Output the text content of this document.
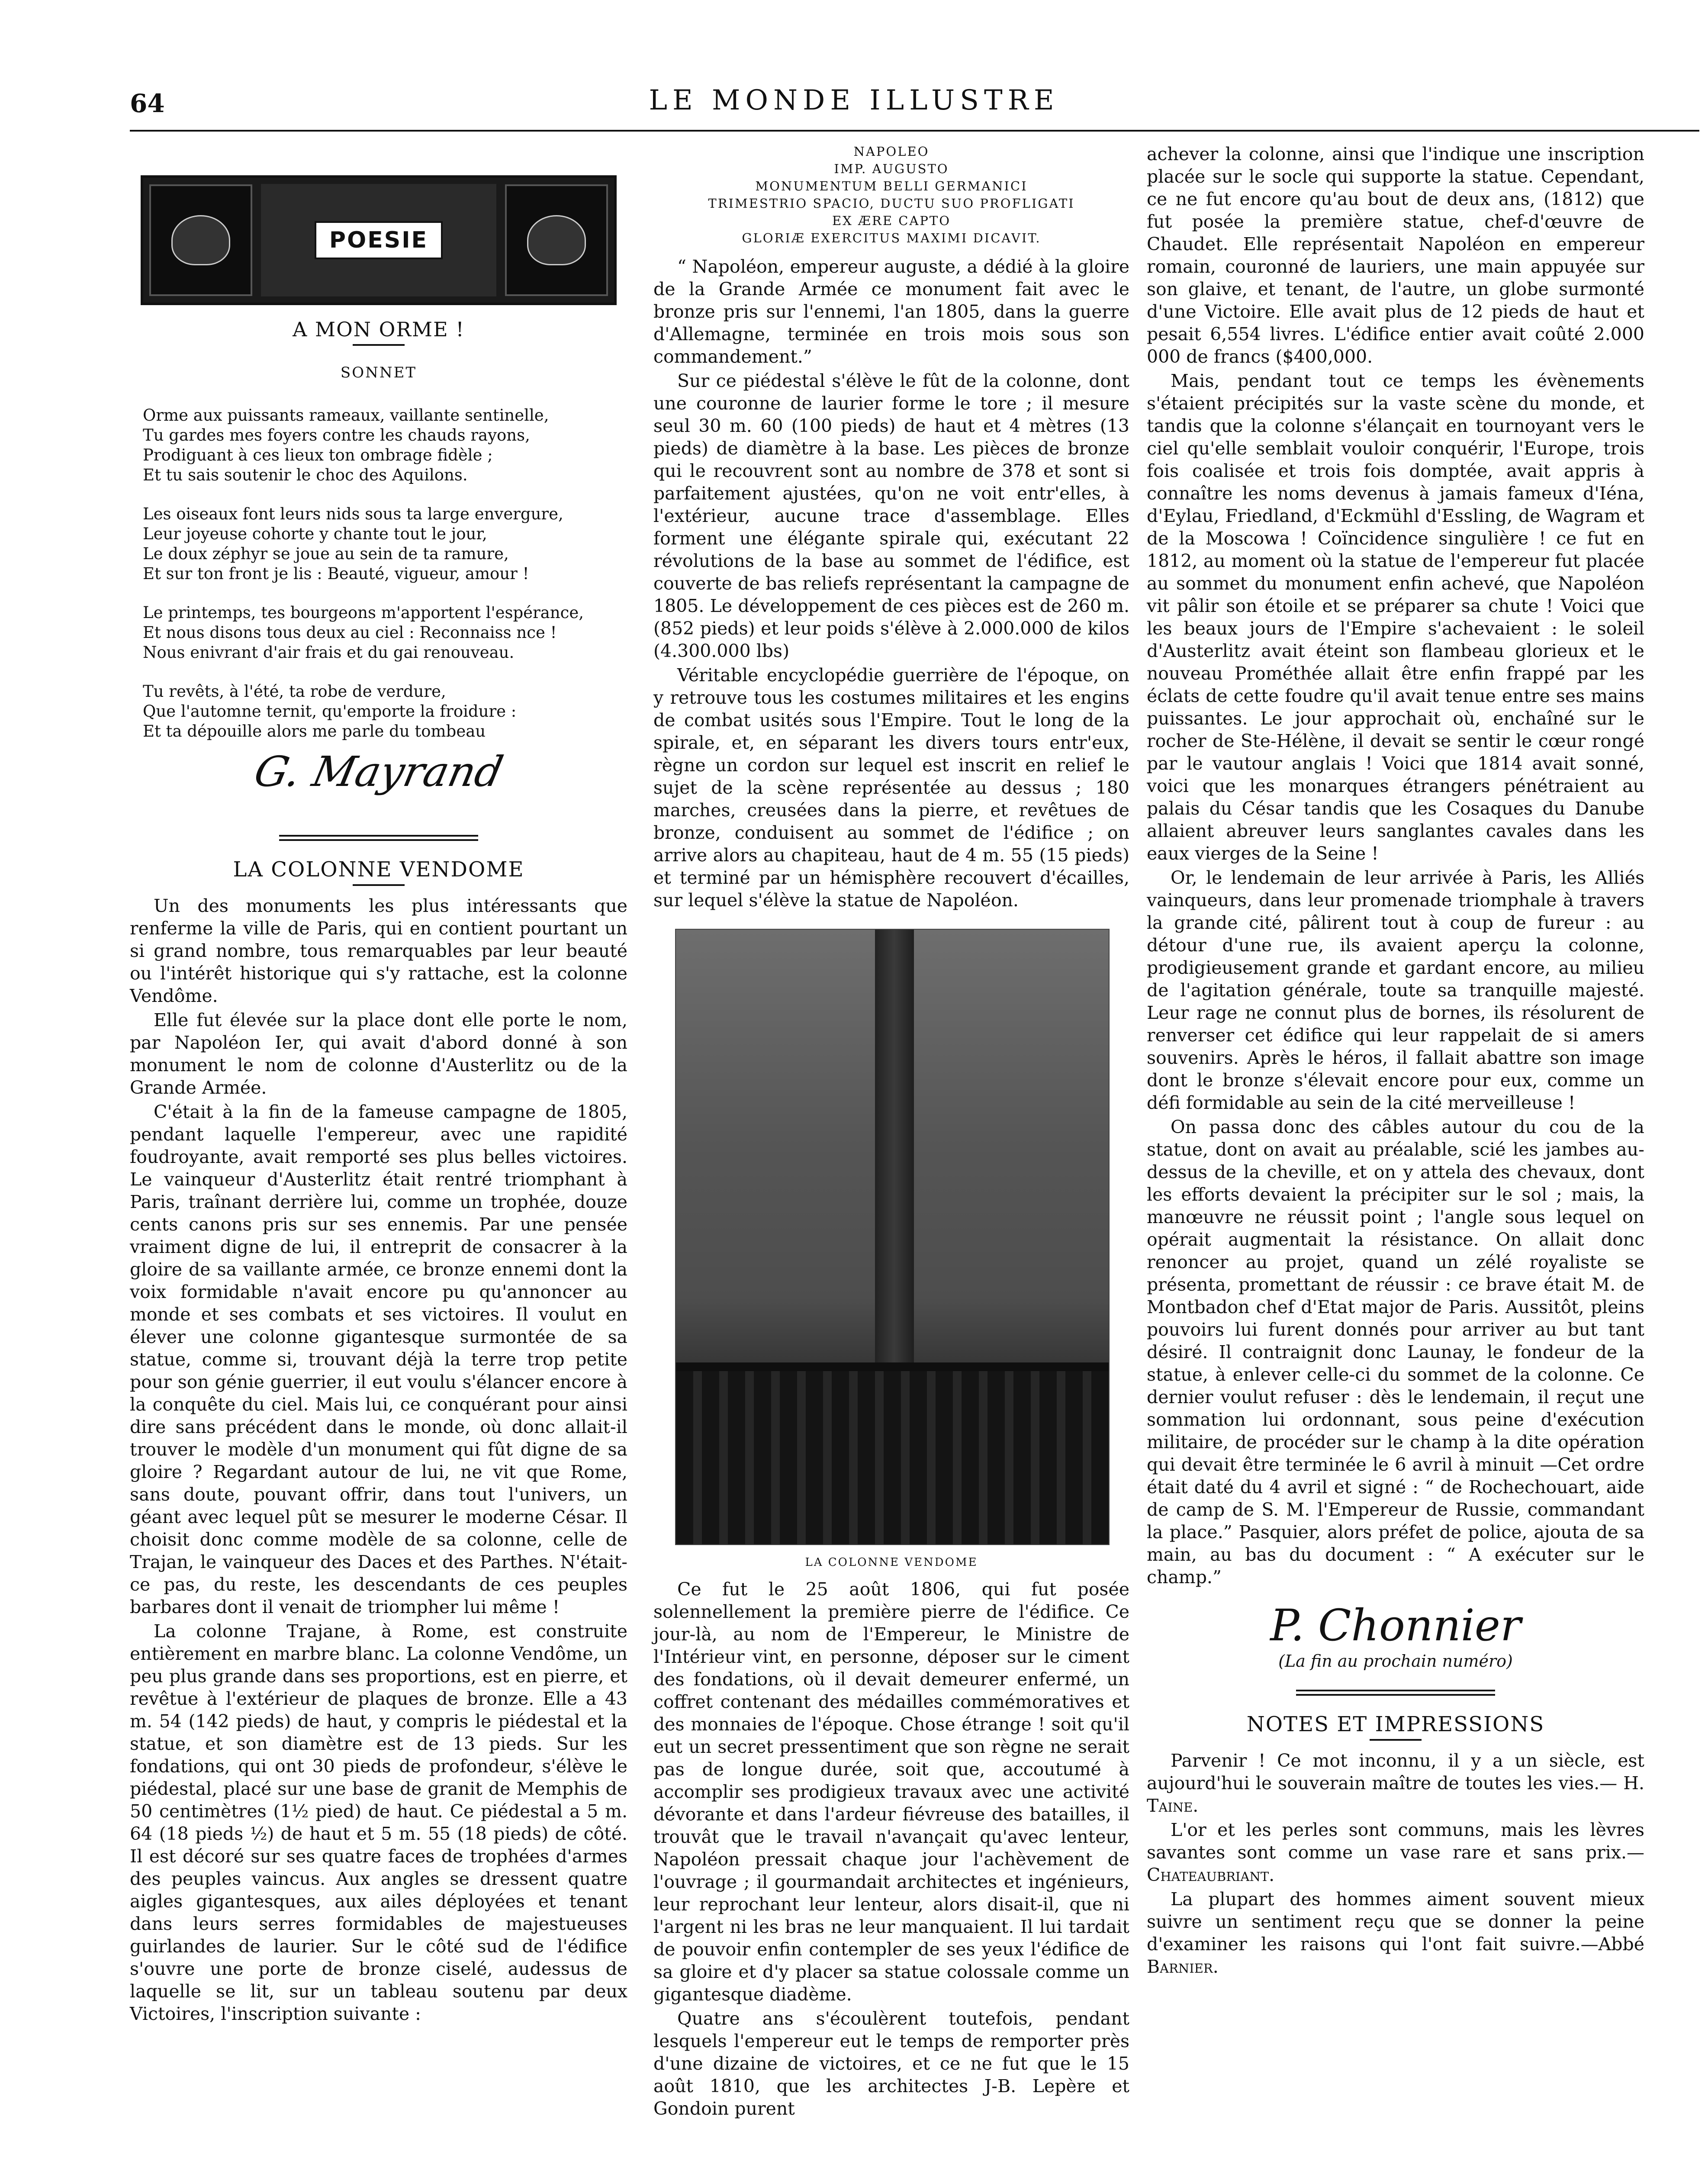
64	LE MONDE ILLUSTRE
POESIE
A MON ORME !
SONNET
Orme aux puissants rameaux, vaillante sentinelle,
Tu gardes mes foyers contre les chauds rayons,
Prodiguant à ces lieux ton ombrage fidèle ;
Et tu sais soutenir le choc des Aquilons.
Les oiseaux font leurs nids sous ta large envergure,
Leur joyeuse cohorte y chante tout le jour,
Le doux zéphyr se joue au sein de ta ramure,
Et sur ton front je lis : Beauté, vigueur, amour !
Le printemps, tes bourgeons m'apportent l'espérance,
Et nous disons tous deux au ciel : Reconnaiss nce !
Nous enivrant d'air frais et du gai renouveau.
Tu revêts, à l'été, ta robe de verdure,
Que l'automne ternit, qu'emporte la froidure :
Et ta dépouille alors me parle du tombeau
G. Mayrand
LA COLONNE VENDOME

Un des monuments les plus intéressants que renferme la ville de Paris, qui en contient pourtant un si grand nombre, tous remarquables par leur beauté ou l'intérêt historique qui s'y rattache, est la colonne Vendôme.

Elle fut élevée sur la place dont elle porte le nom, par Napoléon Ier, qui avait d'abord donné à son monument le nom de colonne d'Austerlitz ou de la Grande Armée.

C'était à la fin de la fameuse campagne de 1805, pendant laquelle l'empereur, avec une rapidité foudroyante, avait remporté ses plus belles victoires. Le vainqueur d'Austerlitz était rentré triomphant à Paris, traînant derrière lui, comme un trophée, douze cents canons pris sur ses ennemis. Par une pensée vraiment digne de lui, il entreprit de consacrer à la gloire de sa vaillante armée, ce bronze ennemi dont la voix formidable n'avait encore pu qu'annoncer au monde et ses combats et ses victoires. Il voulut en élever une colonne gigantesque surmontée de sa statue, comme si, trouvant déjà la terre trop petite pour son génie guerrier, il eut voulu s'élancer encore à la conquête du ciel. Mais lui, ce conquérant pour ainsi dire sans précédent dans le monde, où donc allait-il trouver le modèle d'un monument qui fût digne de sa gloire ? Regardant autour de lui, ne vit que Rome, sans doute, pouvant offrir, dans tout l'univers, un géant avec lequel pût se mesurer le moderne César. Il choisit donc comme modèle de sa colonne, celle de Trajan, le vainqueur des Daces et des Parthes. N'était-ce pas, du reste, les descendants de ces peuples barbares dont il venait de triompher lui même !

La colonne Trajane, à Rome, est construite entièrement en marbre blanc. La colonne Vendôme, un peu plus grande dans ses proportions, est en pierre, et revêtue à l'extérieur de plaques de bronze. Elle a 43 m. 54 (142 pieds) de haut, y compris le piédestal et la statue, et son diamètre est de 13 pieds. Sur les fondations, qui ont 30 pieds de profondeur, s'élève le piédestal, placé sur une base de granit de Memphis de 50 centimètres (1½ pied) de haut. Ce piédestal a 5 m. 64 (18 pieds ½) de haut et 5 m. 55 (18 pieds) de côté. Il est décoré sur ses quatre faces de trophées d'armes des peuples vaincus. Aux angles se dressent quatre aigles gigantesques, aux ailes déployées et tenant dans leurs serres formidables de majestueuses guirlandes de laurier. Sur le côté sud de l'édifice s'ouvre une porte de bronze ciselé, audessus de laquelle se lit, sur un tableau soutenu par deux Victoires, l'inscription suivante :

NAPOLEO
IMP. AUGUSTO
MONUMENTUM BELLI GERMANICI
TRIMESTRIO SPACIO, DUCTU SUO PROFLIGATI
EX ÆRE CAPTO
GLORIÆ EXERCITUS MAXIMI DICAVIT.

“ Napoléon, empereur auguste, a dédié à la gloire de la Grande Armée ce monument fait avec le bronze pris sur l'ennemi, l'an 1805, dans la guerre d'Allemagne, terminée en trois mois sous son commandement.”

Sur ce piédestal s'élève le fût de la colonne, dont une couronne de laurier forme le tore ; il mesure seul 30 m. 60 (100 pieds) de haut et 4 mètres (13 pieds) de diamètre à la base. Les pièces de bronze qui le recouvrent sont au nombre de 378 et sont si parfaitement ajustées, qu'on ne voit entr'elles, à l'extérieur, aucune trace d'assemblage. Elles forment une élégante spirale qui, exécutant 22 révolutions de la base au sommet de l'édifice, est couverte de bas reliefs représentant la campagne de 1805. Le développement de ces pièces est de 260 m. (852 pieds) et leur poids s'élève à 2.000.000 de kilos (4.300.000 lbs)

Véritable encyclopédie guerrière de l'époque, on y retrouve tous les costumes militaires et les engins de combat usités sous l'Empire. Tout le long de la spirale, et, en séparant les divers tours entr'eux, règne un cordon sur lequel est inscrit en relief le sujet de la scène représentée au dessus ; 180 marches, creusées dans la pierre, et revêtues de bronze, conduisent au sommet de l'édifice ; on arrive alors au chapiteau, haut de 4 m. 55 (15 pieds) et terminé par un hémisphère recouvert d'écailles, sur lequel s'élève la statue de Napoléon.

LA COLONNE VENDOME

Ce fut le 25 août 1806, qui fut posée solennellement la première pierre de l'édifice. Ce jour-là, au nom de l'Empereur, le Ministre de l'Intérieur vint, en personne, déposer sur le ciment des fondations, où il devait demeurer enfermé, un coffret contenant des médailles commémoratives et des monnaies de l'époque. Chose étrange ! soit qu'il eut un secret pressentiment que son règne ne serait pas de longue durée, soit que, accoutumé à accomplir ses prodigieux travaux avec une activité dévorante et dans l'ardeur fiévreuse des batailles, il trouvât que le travail n'avançait qu'avec lenteur, Napoléon pressait chaque jour l'achèvement de l'ouvrage ; il gourmandait architectes et ingénieurs, leur reprochant leur lenteur, alors disait-il, que ni l'argent ni les bras ne leur manquaient. Il lui tardait de pouvoir enfin contempler de ses yeux l'édifice de sa gloire et d'y placer sa statue colossale comme un gigantesque diadème.

Quatre ans s'écoulèrent toutefois, pendant lesquels l'empereur eut le temps de remporter près d'une dizaine de victoires, et ce ne fut que le 15 août 1810, que les architectes J-B. Lepère et Gondoin purent

achever la colonne, ainsi que l'indique une inscription placée sur le socle qui supporte la statue. Cependant, ce ne fut encore qu'au bout de deux ans, (1812) que fut posée la première statue, chef-d'œuvre de Chaudet. Elle représentait Napoléon en empereur romain, couronné de lauriers, une main appuyée sur son glaive, et tenant, de l'autre, un globe surmonté d'une Victoire. Elle avait plus de 12 pieds de haut et pesait 6,554 livres. L'édifice entier avait coûté 2.000 000 de francs ($400,000.

Mais, pendant tout ce temps les évènements s'étaient précipités sur la vaste scène du monde, et tandis que la colonne s'élançait en tournoyant vers le ciel qu'elle semblait vouloir conquérir, l'Europe, trois fois coalisée et trois fois domptée, avait appris à connaître les noms devenus à jamais fameux d'Iéna, d'Eylau, Friedland, d'Eckmühl d'Essling, de Wagram et de la Moscowa ! Coïncidence singulière ! ce fut en 1812, au moment où la statue de l'empereur fut placée au sommet du monument enfin achevé, que Napoléon vit pâlir son étoile et se préparer sa chute ! Voici que les beaux jours de l'Empire s'achevaient : le soleil d'Austerlitz avait éteint son flambeau glorieux et le nouveau Prométhée allait être enfin frappé par les éclats de cette foudre qu'il avait tenue entre ses mains puissantes. Le jour approchait où, enchaîné sur le rocher de Ste-Hélène, il devait se sentir le cœur rongé par le vautour anglais ! Voici que 1814 avait sonné, voici que les monarques étrangers pénétraient au palais du César tandis que les Cosaques du Danube allaient abreuver leurs sanglantes cavales dans les eaux vierges de la Seine !

Or, le lendemain de leur arrivée à Paris, les Alliés vainqueurs, dans leur promenade triomphale à travers la grande cité, pâlirent tout à coup de fureur : au détour d'une rue, ils avaient aperçu la colonne, prodigieusement grande et gardant encore, au milieu de l'agitation générale, toute sa tranquille majesté. Leur rage ne connut plus de bornes, ils résolurent de renverser cet édifice qui leur rappelait de si amers souvenirs. Après le héros, il fallait abattre son image dont le bronze s'élevait encore pour eux, comme un défi formidable au sein de la cité merveilleuse !

On passa donc des câbles autour du cou de la statue, dont on avait au préalable, scié les jambes au-dessus de la cheville, et on y attela des chevaux, dont les efforts devaient la précipiter sur le sol ; mais, la manœuvre ne réussit point ; l'angle sous lequel on opérait augmentait la résistance. On allait donc renoncer au projet, quand un zélé royaliste se présenta, promettant de réussir : ce brave était M. de Montbadon chef d'Etat major de Paris. Aussitôt, pleins pouvoirs lui furent donnés pour arriver au but tant désiré. Il contraignit donc Launay, le fondeur de la statue, à enlever celle-ci du sommet de la colonne. Ce dernier voulut refuser : dès le lendemain, il reçut une sommation lui ordonnant, sous peine d'exécution militaire, de procéder sur le champ à la dite opération qui devait être terminée le 6 avril à minuit —Cet ordre était daté du 4 avril et signé : “ de Rochechouart, aide de camp de S. M. l'Empereur de Russie, commandant la place.” Pasquier, alors préfet de police, ajouta de sa main, au bas du document : “ A exécuter sur le champ.”

P. Chonnier
(La fin au prochain numéro)
NOTES ET IMPRESSIONS

Parvenir ! Ce mot inconnu, il y a un siècle, est aujourd'hui le souverain maître de toutes les vies.— H. Taine.

L'or et les perles sont communs, mais les lèvres savantes sont comme un vase rare et sans prix.— Chateaubriant.

La plupart des hommes aiment souvent mieux suivre un sentiment reçu que se donner la peine d'examiner les raisons qui l'ont fait suivre.—Abbé Barnier.
